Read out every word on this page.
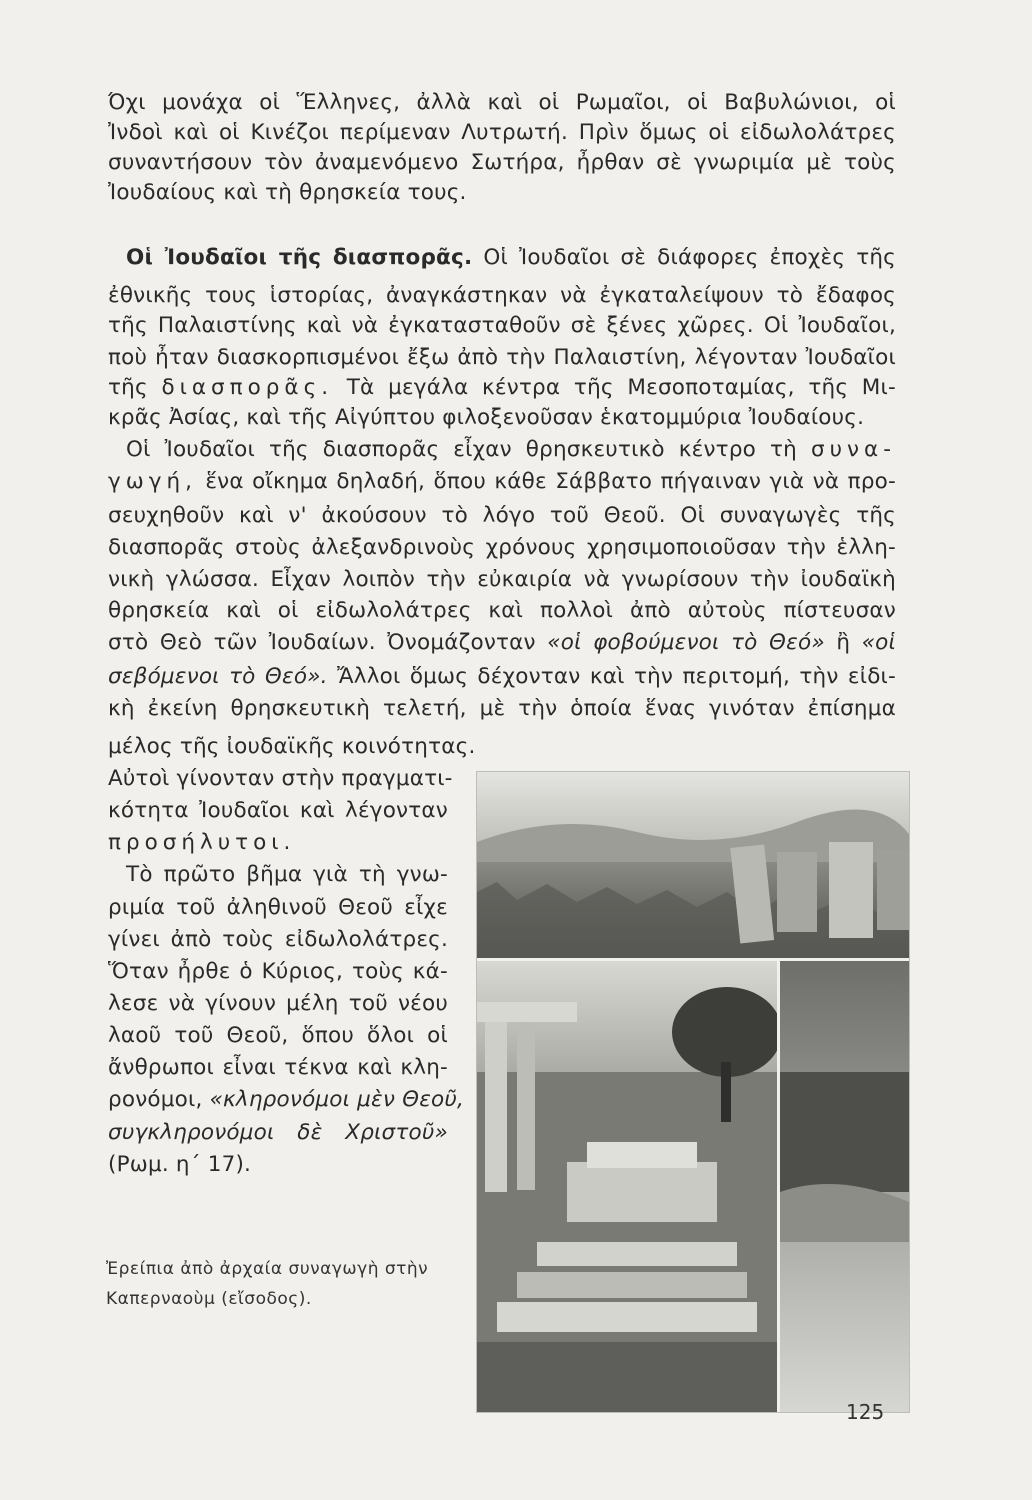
Όχι μονάχα οἱ Ἕλληνες, ἀλλὰ καὶ οἱ Ρωμαῖοι, οἱ Βαβυλώνιοι, οἱ
Ἰνδοὶ καὶ οἱ Κινέζοι περίμεναν Λυτρωτή. Πρὶν ὅμως οἱ εἰδωλολάτρες
συναντήσουν τὸν ἀναμενόμενο Σωτήρα, ἦρθαν σὲ γνωριμία μὲ τοὺς
Ἰουδαίους καὶ τὴ θρησκεία τους.
Οἱ Ἰουδαῖοι τῆς διασπορᾶς. Οἱ Ἰουδαῖοι σὲ διάφορες ἐποχὲς τῆς
ἐθνικῆς τους ἱστορίας, ἀναγκάστηκαν νὰ ἐγκαταλείψουν τὸ ἔδαφος
τῆς Παλαιστίνης καὶ νὰ ἐγκατασταθοῦν σὲ ξένες χῶρες. Οἱ Ἰουδαῖοι,
ποὺ ἦταν διασκορπισμένοι ἔξω ἀπὸ τὴν Παλαιστίνη, λέγονταν Ἰουδαῖοι
τῆς διασπορᾶς. Τὰ μεγάλα κέντρα τῆς Μεσοποταμίας, τῆς Μι-
κρᾶς Ἀσίας, καὶ τῆς Αἰγύπτου φιλοξενοῦσαν ἑκατομμύρια Ἰουδαίους.
Οἱ Ἰουδαῖοι τῆς διασπορᾶς εἶχαν θρησκευτικὸ κέντρο τὴ συνα-
γωγή, ἕνα οἴκημα δηλαδή, ὅπου κάθε Σάββατο πήγαιναν γιὰ νὰ προ-
σευχηθοῦν καὶ ν' ἀκούσουν τὸ λόγο τοῦ Θεοῦ. Οἱ συναγωγὲς τῆς
διασπορᾶς στοὺς ἀλεξανδρινοὺς χρόνους χρησιμοποιοῦσαν τὴν ἑλλη-
νικὴ γλώσσα. Εἶχαν λοιπὸν τὴν εὐκαιρία νὰ γνωρίσουν τὴν ἰουδαϊκὴ
θρησκεία καὶ οἱ εἰδωλολάτρες καὶ πολλοὶ ἀπὸ αὐτοὺς πίστευσαν
στὸ Θεὸ τῶν Ἰουδαίων. Ὀνομάζονταν «οἱ φοβούμενοι τὸ Θεό» ἢ «οἱ
σεβόμενοι τὸ Θεό». Ἄλλοι ὅμως δέχονταν καὶ τὴν περιτομή, τὴν εἰδι-
κὴ ἐκείνη θρησκευτικὴ τελετή, μὲ τὴν ὁποία ἕνας γινόταν ἐπίσημα
μέλος τῆς ἰουδαϊκῆς κοινότητας.
Αὐτοὶ γίνονταν στὴν πραγματι-
κότητα Ἰουδαῖοι καὶ λέγονταν
προσήλυτοι.
Τὸ πρῶτο βῆμα γιὰ τὴ γνω-
ριμία τοῦ ἀληθινοῦ Θεοῦ εἶχε
γίνει ἀπὸ τοὺς εἰδωλολάτρες.
Ὅταν ἦρθε ὁ Κύριος, τοὺς κά-
λεσε νὰ γίνουν μέλη τοῦ νέου
λαοῦ τοῦ Θεοῦ, ὅπου ὅλοι οἱ
ἄνθρωποι εἶναι τέκνα καὶ κλη-
ρονόμοι, «κληρονόμοι μὲν Θεοῦ,
συγκληρονόμοι δὲ Χριστοῦ»
(Ρωμ. η΄ 17).
Ἐρείπια ἀπὸ ἀρχαία συναγωγὴ στὴν
Καπερναοὺμ (εἴσοδος).
125
